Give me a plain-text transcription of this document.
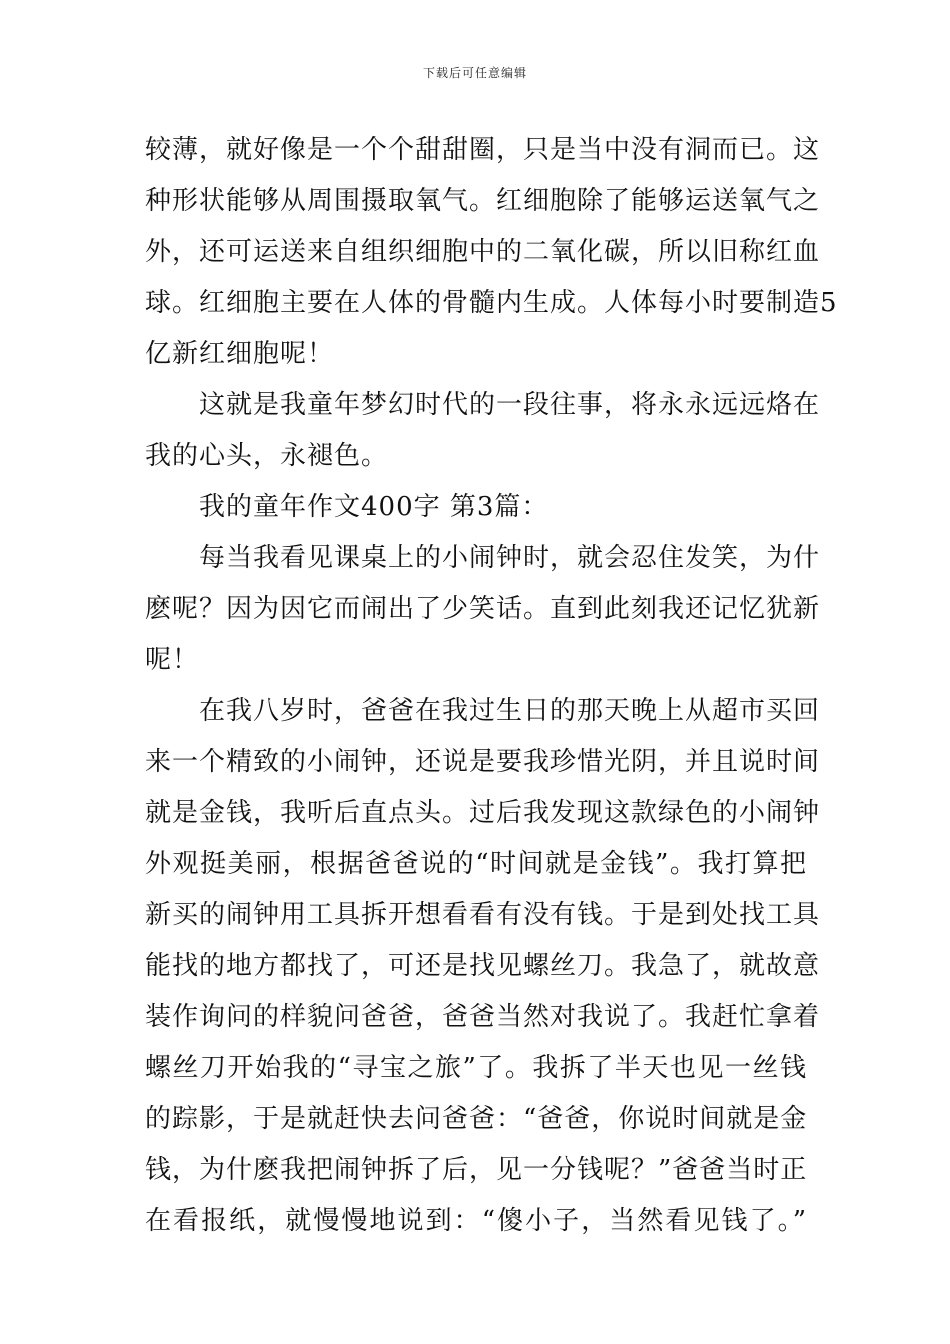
下载后可任意编辑
较薄，就好像是一个个甜甜圈，只是当中没有洞而已。这
种形状能够从周围摄取氧气。红细胞除了能够运送氧气之
外，还可运送来自组织细胞中的二氧化碳，所以旧称红血
球。红细胞主要在人体的骨髓内生成。人体每小时要制造5
亿新红细胞呢！
这就是我童年梦幻时代的一段往事，将永永远远烙在
我的心头，永褪色。
我的童年作文400字 第3篇：
每当我看见课桌上的小闹钟时，就会忍住发笑，为什
麽呢？因为因它而闹出了少笑话。直到此刻我还记忆犹新
呢！
在我八岁时，爸爸在我过生日的那天晚上从超市买回
来一个精致的小闹钟，还说是要我珍惜光阴，并且说时间
就是金钱，我听后直点头。过后我发现这款绿色的小闹钟
外观挺美丽，根据爸爸说的“时间就是金钱”。我打算把
新买的闹钟用工具拆开想看看有没有钱。于是到处找工具
能找的地方都找了，可还是找见螺丝刀。我急了，就故意
装作询问的样貌问爸爸，爸爸当然对我说了。我赶忙拿着
螺丝刀开始我的“寻宝之旅”了。我拆了半天也见一丝钱
的踪影，于是就赶快去问爸爸：“爸爸，你说时间就是金
钱，为什麽我把闹钟拆了后，见一分钱呢？”爸爸当时正
在看报纸，就慢慢地说到：“傻小子，当然看见钱了。”
